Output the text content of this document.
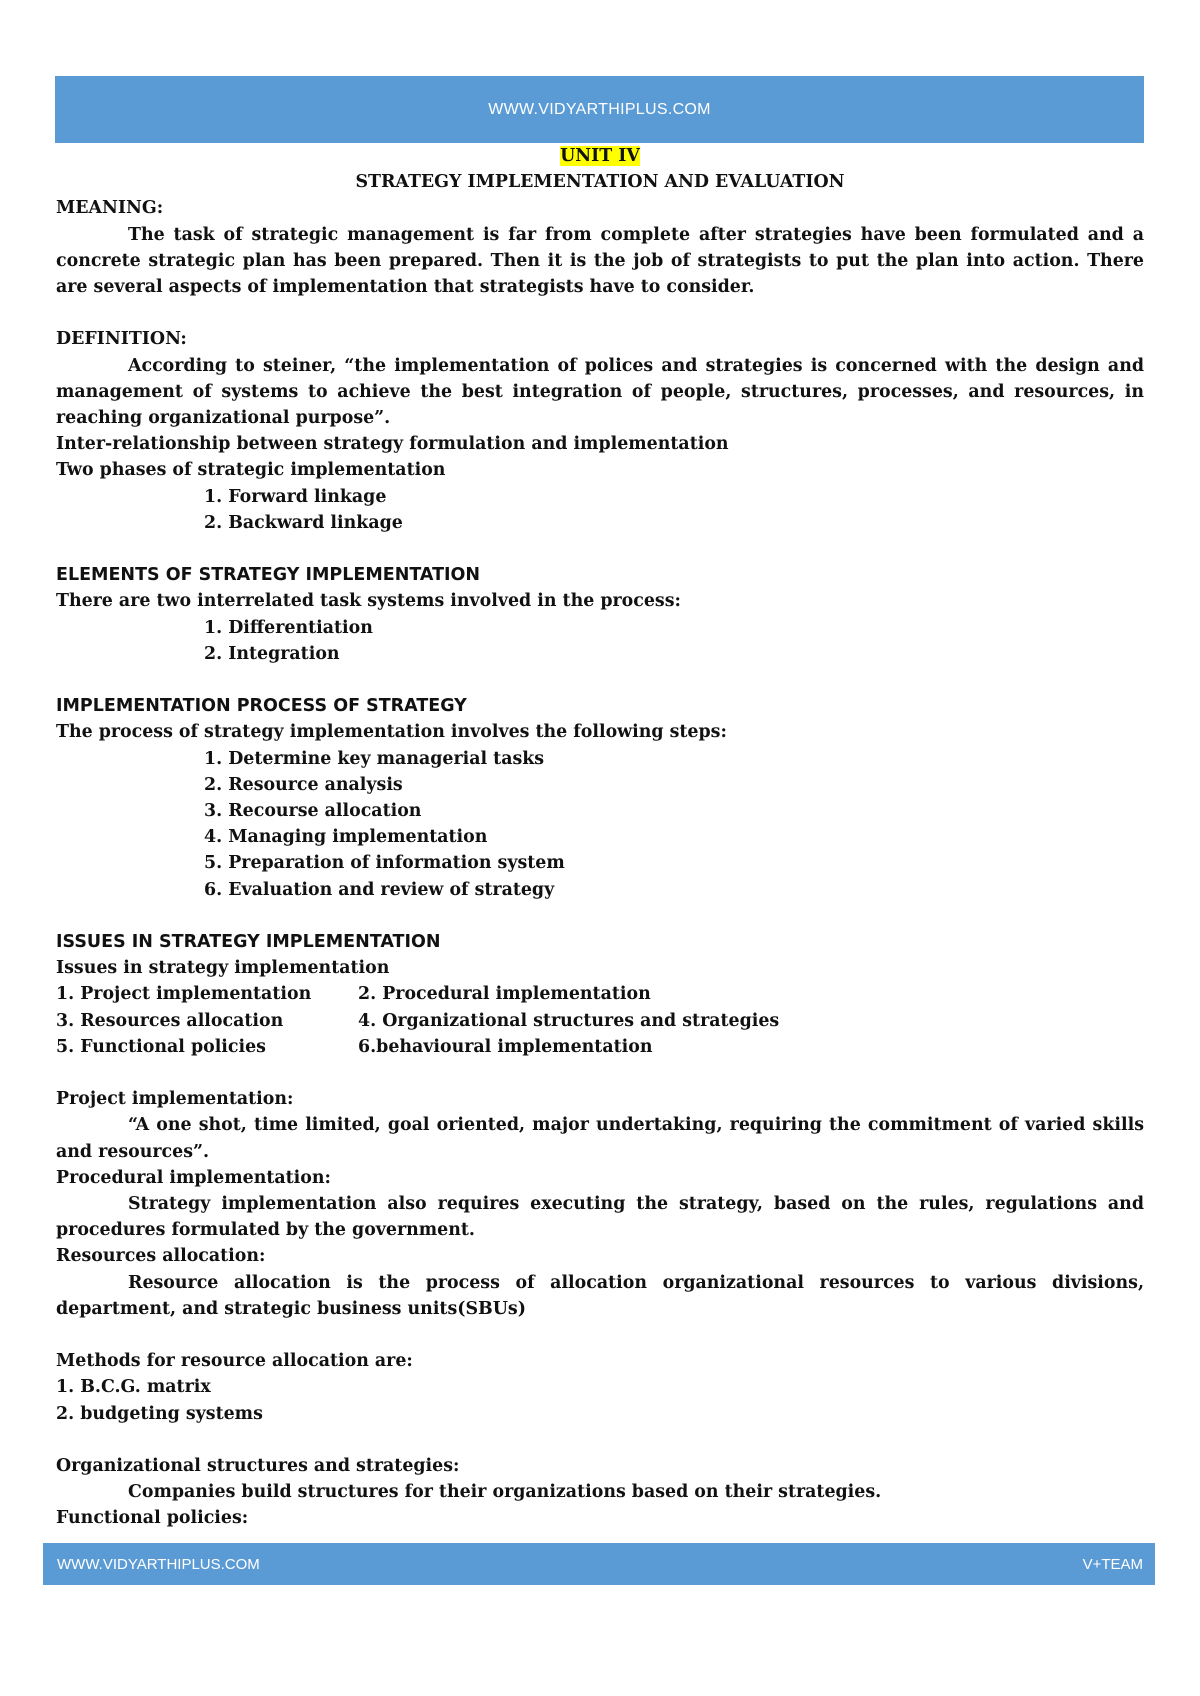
WWW.VIDYARTHIPLUS.COM

UNIT IV

STRATEGY IMPLEMENTATION AND EVALUATION

MEANING:

The task of strategic management is far from complete after strategies have been formulated and a concrete strategic plan has been prepared. Then it is the job of strategists to put the plan into action. There are several aspects of implementation that strategists have to consider.

DEFINITION:

According to steiner, “the implementation of polices and strategies is concerned with the design and management of systems to achieve the best integration of people, structures, processes, and resources, in reaching organizational purpose”.

Inter-relationship between strategy formulation and implementation

Two phases of strategic implementation

1. Forward linkage

2. Backward linkage

ELEMENTS OF STRATEGY IMPLEMENTATION

There are two interrelated task systems involved in the process:

1. Differentiation

2. Integration

IMPLEMENTATION PROCESS OF STRATEGY

The process of strategy implementation involves the following steps:

1. Determine key managerial tasks

2. Resource analysis

3. Recourse allocation

4. Managing implementation

5. Preparation of information system

6. Evaluation and review of strategy

ISSUES IN STRATEGY IMPLEMENTATION

Issues in strategy implementation

1. Project implementation	2. Procedural implementation
3. Resources allocation	4. Organizational structures and strategies
5. Functional policies	6.behavioural implementation

Project implementation:

“A one shot, time limited, goal oriented, major undertaking, requiring the commitment of varied skills and resources”.

Procedural implementation:

Strategy implementation also requires executing the strategy, based on the rules, regulations and procedures formulated by the government.

Resources allocation:

Resource allocation is the process of allocation organizational resources to various divisions, department, and strategic business units(SBUs)

Methods for resource allocation are:

1. B.C.G. matrix

2. budgeting systems

Organizational structures and strategies:

Companies build structures for their organizations based on their strategies.

Functional policies:

WWW.VIDYARTHIPLUS.COM	V+TEAM
